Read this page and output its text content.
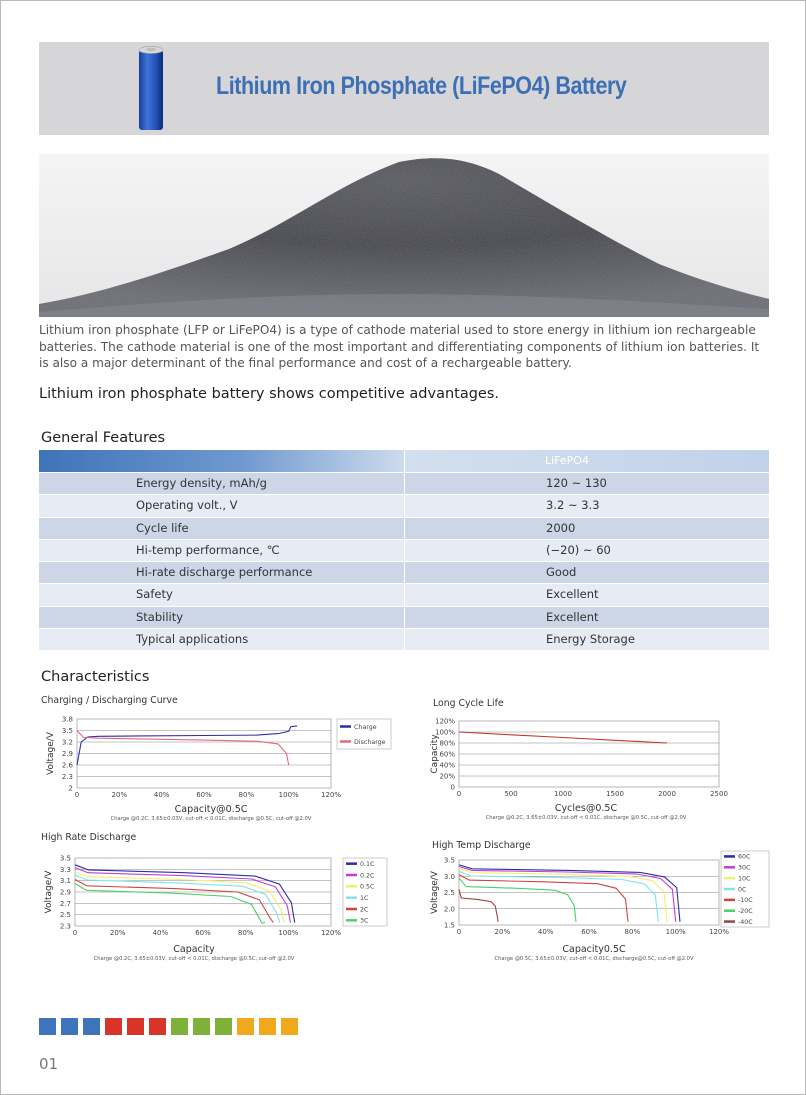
Lithium Iron Phosphate (LiFePO4) Battery

Lithium iron phosphate (LFP or LiFePO4) is a type of cathode material used to store energy in lithium ion rechargeable batteries. The cathode material is one of the most important and differentiating components of lithium ion batteries. It is also a major determinant of the final performance and cost of a rechargeable battery.

Lithium iron phosphate battery shows competitive advantages.
General Features
LiFePO4
Energy density, mAh/g	120 ~ 130
Operating volt., V	3.2 ~ 3.3
Cycle life	2000
Hi-temp performance, ℃	(−20) ~ 60
Hi-rate discharge performance	Good
Safety	Excellent
Stability	Excellent
Typical applications	Energy Storage
Characteristics
Charging / Discharging Curve	Long Cycle Life
High Rate Discharge
High Temp Discharge
3.8
3.5
3.2
2.9
2.6
2.3
2
0	20%	40%	60%	80%	100%	120%
Capacity@0.5C
Voltage/V
Charge @0.2C, 3.65±0.03V, cut-off < 0.01C, discharge @0.5C, cut-off @2.0V
Charge
Discharge
120%
100%
80%
60%
40%
20%
0
0	500	1000	1500	2000	2500
Cycles@0.5C
Capacity
Charge @0.2C, 3.65±0.03V, cut-off < 0.01C, discharge @0.5C, cut-off @2.0V
3.5
3.3
3.1
2.9
2.7
2.5
2.3
0	20%	40%	60%	80%	100%	120%
Capacity
Voltage/V
Charge @0.2C, 3.65±0.03V, cut-off < 0.01C, discharge @0.5C, cut-off @2.0V
0.1C
0.2C
0.5C
1C
2C
3C
3.5
3.0
2.5
2.0
1.5
0	20%	40%	60%	80%	100%	120%
Capacity0.5C
Voltage/V
Charge @0.5C, 3.65±0.03V, cut-off < 0.01C, discharge@0.5C, cut-off @2.0V
60C
30C
10C
0C
-10C
-20C
-40C
01
